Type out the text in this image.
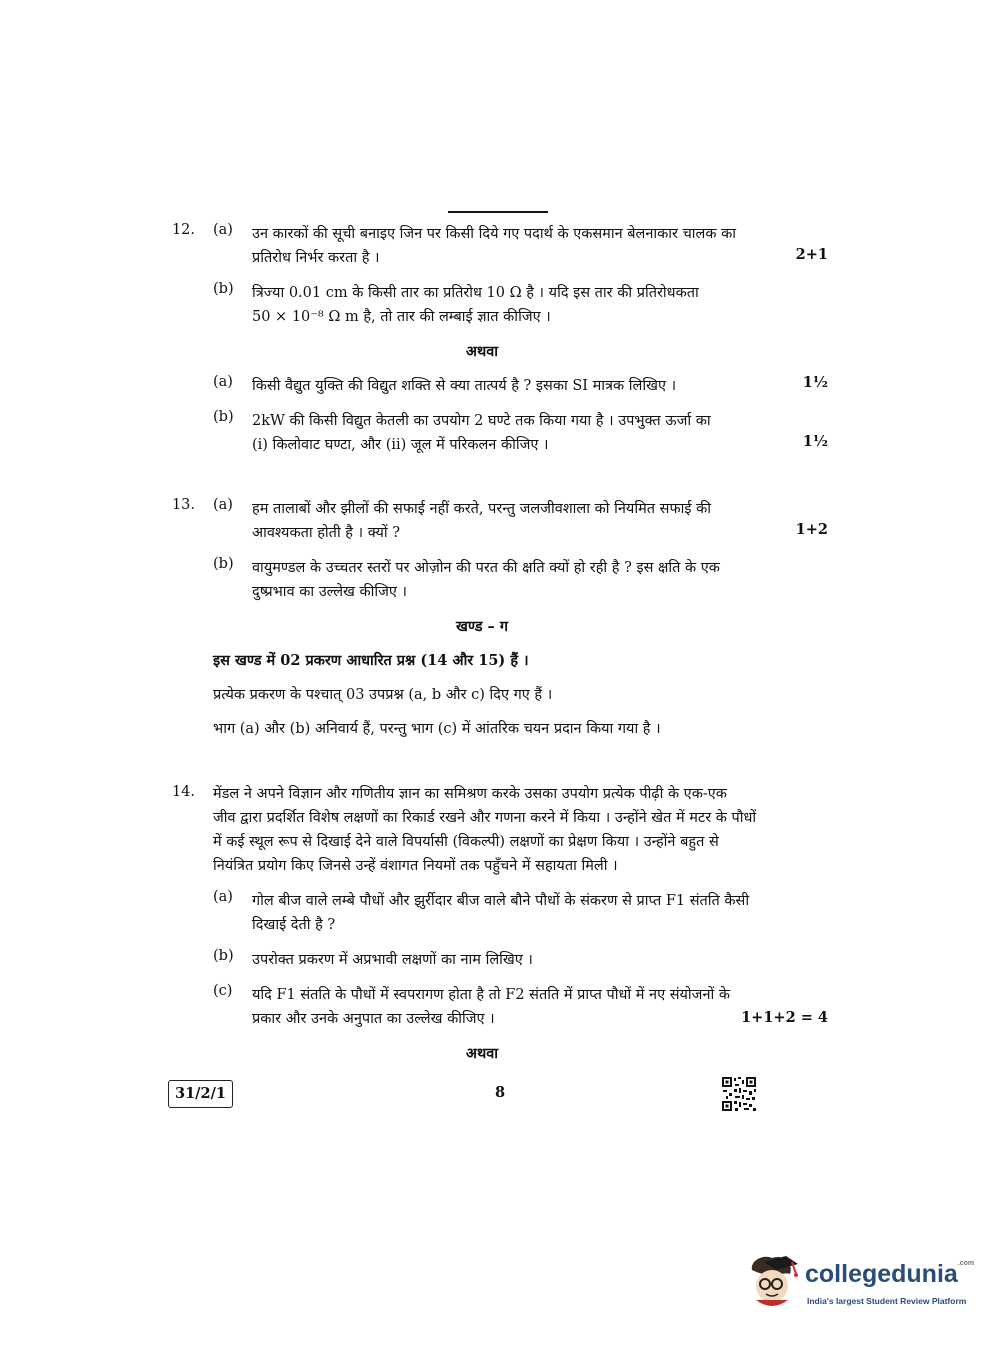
12. (a)	उन कारकों की सूची बनाइए जिन पर किसी दिये गए पदार्थ के एकसमान बेलनाकार चालक का
प्रतिरोध निर्भर करता है ।	2+1
(b)	त्रिज्या 0.01 cm के किसी तार का प्रतिरोध 10 Ω है । यदि इस तार की प्रतिरोधकता
50 × 10⁻⁸ Ω m है, तो तार की लम्बाई ज्ञात कीजिए ।
अथवा
(a)	किसी वैद्युत युक्ति की विद्युत शक्ति से क्या तात्पर्य है ? इसका SI मात्रक लिखिए ।	1½
(b)	2kW की किसी विद्युत केतली का उपयोग 2 घण्टे तक किया गया है । उपभुक्त ऊर्जा का
(i) किलोवाट घण्टा, और (ii) जूल में परिकलन कीजिए ।	1½
13. (a)	हम तालाबों और झीलों की सफाई नहीं करते, परन्तु जलजीवशाला को नियमित सफाई की
आवश्यकता होती है । क्यों ?	1+2
(b)	वायुमण्डल के उच्चतर स्तरों पर ओज़ोन की परत की क्षति क्यों हो रही है ? इस क्षति के एक
दुष्प्रभाव का उल्लेख कीजिए ।
खण्ड – ग
इस खण्ड में 02 प्रकरण आधारित प्रश्न (14 और 15) हैं ।
प्रत्येक प्रकरण के पश्चात् 03 उपप्रश्न (a, b और c) दिए गए हैं ।
भाग (a) और (b) अनिवार्य हैं, परन्तु भाग (c) में आंतरिक चयन प्रदान किया गया है ।
14. मेंडल ने अपने विज्ञान और गणितीय ज्ञान का समिश्रण करके उसका उपयोग प्रत्येक पीढ़ी के एक-एक
जीव द्वारा प्रदर्शित विशेष लक्षणों का रिकार्ड रखने और गणना करने में किया । उन्होंने खेत में मटर के पौधों
में कई स्थूल रूप से दिखाई देने वाले विपर्यासी (विकल्पी) लक्षणों का प्रेक्षण किया । उन्होंने बहुत से
नियंत्रित प्रयोग किए जिनसे उन्हें वंशागत नियमों तक पहुँचने में सहायता मिली ।
(a)	गोल बीज वाले लम्बे पौधों और झुर्रीदार बीज वाले बौने पौधों के संकरण से प्राप्त F1 संतति कैसी
दिखाई देती है ?
(b)	उपरोक्त प्रकरण में अप्रभावी लक्षणों का नाम लिखिए ।
(c)	यदि F1 संतति के पौधों में स्वपरागण होता है तो F2 संतति में प्राप्त पौधों में नए संयोजनों के
प्रकार और उनके अनुपात का उल्लेख कीजिए ।	1+1+2 = 4
अथवा
31/2/1	8
collegedunia$^{.com}$
India's largest Student Review Platform
